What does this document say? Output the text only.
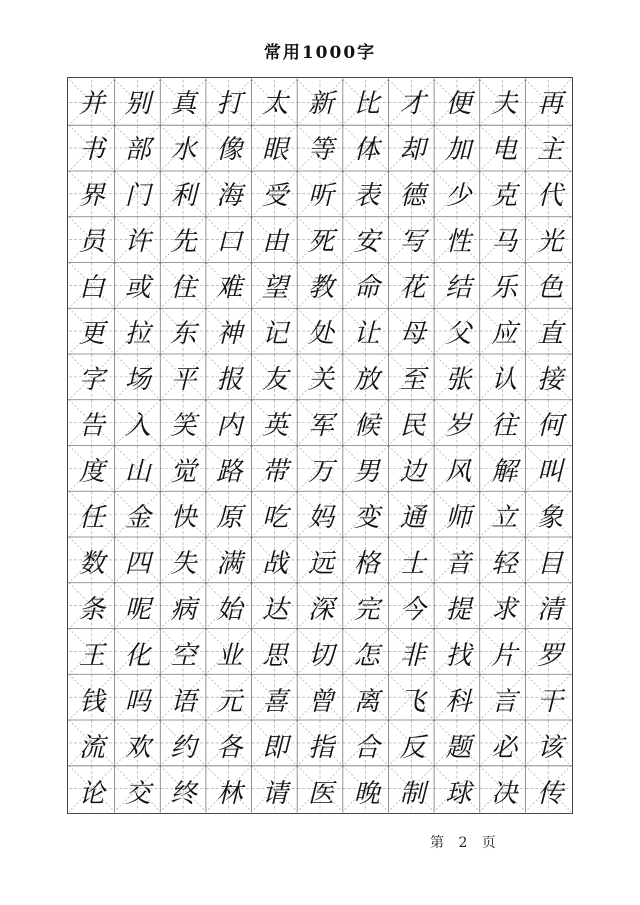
常用1000字
并 别 真 打 太 新 比 才 便 夫 再
书 部 水 像 眼 等 体 却 加 电 主
界 门 利 海 受 听 表 德 少 克 代
员 许 先 口 由 死 安 写 性 马 光
白 或 住 难 望 教 命 花 结 乐 色
更 拉 东 神 记 处 让 母 父 应 直
字 场 平 报 友 关 放 至 张 认 接
告 入 笑 内 英 军 候 民 岁 往 何
度 山 觉 路 带 万 男 边 风 解 叫
任 金 快 原 吃 妈 变 通 师 立 象
数 四 失 满 战 远 格 士 音 轻 目
条 呢 病 始 达 深 完 今 提 求 清
王 化 空 业 思 切 怎 非 找 片 罗
钱 吗 语 元 喜 曾 离 飞 科 言 干
流 欢 约 各 即 指 合 反 题 必 该
论 交 终 林 请 医 晚 制 球 决 传
第 2 页
